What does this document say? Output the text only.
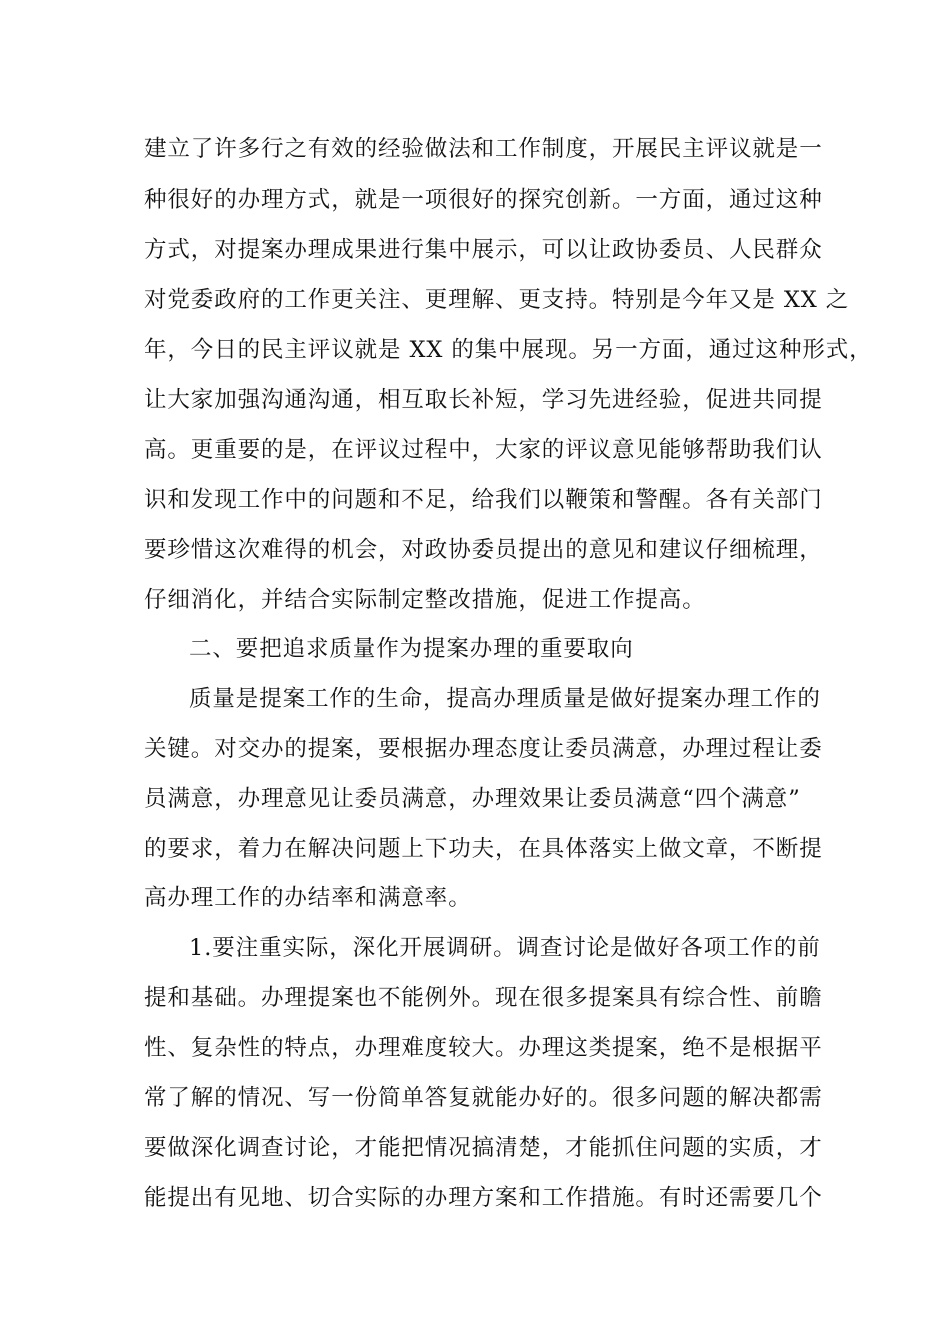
建立了许多行之有效的经验做法和工作制度，开展民主评议就是一

种很好的办理方式，就是一项很好的探究创新。一方面，通过这种

方式，对提案办理成果进行集中展示，可以让政协委员、人民群众

对党委政府的工作更关注、更理解、更支持。特别是今年又是 XX 之

年，今日的民主评议就是 XX 的集中展现。另一方面，通过这种形式，

让大家加强沟通沟通，相互取长补短，学习先进经验，促进共同提

高。更重要的是，在评议过程中，大家的评议意见能够帮助我们认

识和发现工作中的问题和不足，给我们以鞭策和警醒。各有关部门

要珍惜这次难得的机会，对政协委员提出的意见和建议仔细梳理，

仔细消化，并结合实际制定整改措施，促进工作提高。

二、要把追求质量作为提案办理的重要取向

质量是提案工作的生命，提高办理质量是做好提案办理工作的

关键。对交办的提案，要根据办理态度让委员满意，办理过程让委

员满意，办理意见让委员满意，办理效果让委员满意“四个满意”

的要求，着力在解决问题上下功夫，在具体落实上做文章，不断提

高办理工作的办结率和满意率。

1.要注重实际，深化开展调研。调查讨论是做好各项工作的前

提和基础。办理提案也不能例外。现在很多提案具有综合性、前瞻

性、复杂性的特点，办理难度较大。办理这类提案，绝不是根据平

常了解的情况、写一份简单答复就能办好的。很多问题的解决都需

要做深化调查讨论，才能把情况搞清楚，才能抓住问题的实质，才

能提出有见地、切合实际的办理方案和工作措施。有时还需要几个
